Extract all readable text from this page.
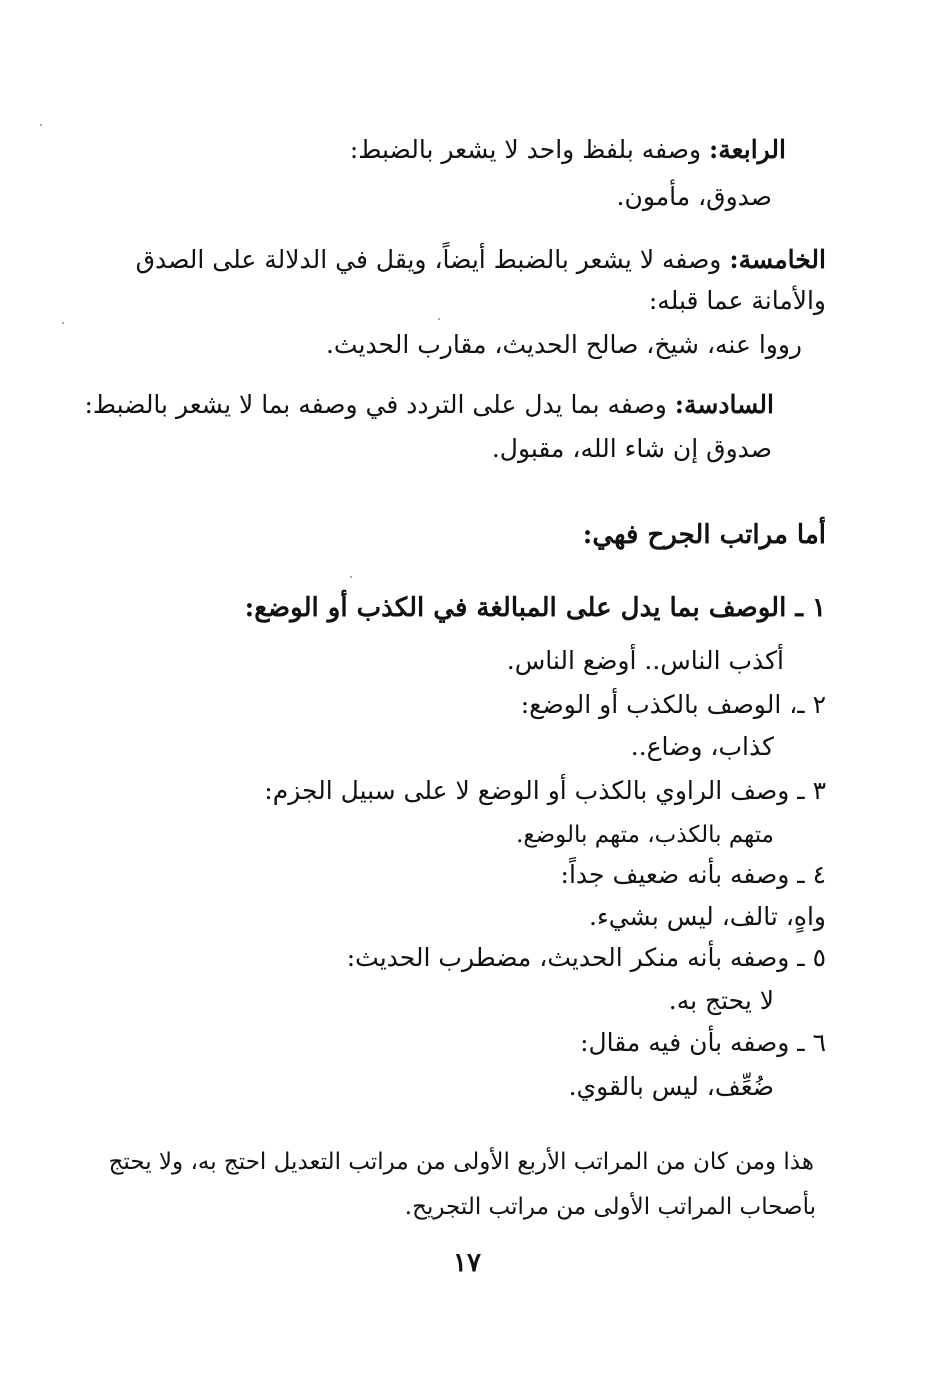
الرابعة: وصفه بلفظ واحد لا يشعر بالضبط:
صدوق، مأمون.
الخامسة: وصفه لا يشعر بالضبط أيضاً، ويقل في الدلالة على الصدق
والأمانة عما قبله:
رووا عنه، شيخ، صالح الحديث، مقارب الحديث.
السادسة: وصفه بما يدل على التردد في وصفه بما لا يشعر بالضبط:
صدوق إن شاء الله، مقبول.
أما مراتب الجرح فهي:
١ ـ الوصف بما يدل على المبالغة في الكذب أو الوضع:
أكذب الناس.. أوضع الناس.
٢ ـ، الوصف بالكذب أو الوضع:
كذاب، وضاع..
٣ ـ وصف الراوي بالكذب أو الوضع لا على سبيل الجزم:
متهم بالكذب، متهم بالوضع.
٤ ـ وصفه بأنه ضعيف جداً:
واهٍ، تالف، ليس بشيء.
٥ ـ وصفه بأنه منكر الحديث، مضطرب الحديث:
لا يحتج به.
٦ ـ وصفه بأن فيه مقال:
ضُعِّف، ليس بالقوي.
هذا ومن كان من المراتب الأربع الأولى من مراتب التعديل احتج به، ولا يحتج
بأصحاب المراتب الأولى من مراتب التجريح.
١٧
